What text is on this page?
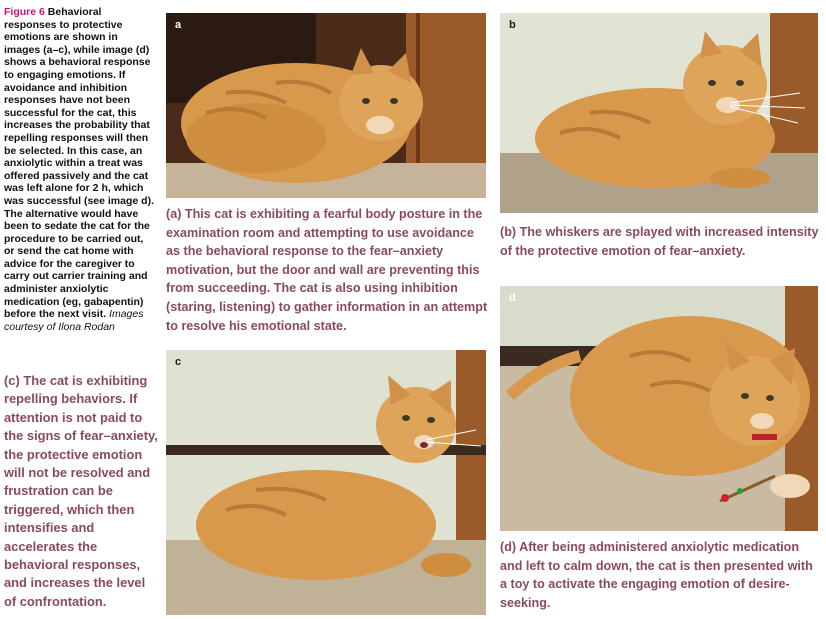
Figure 6 Behavioral responses to protective emotions are shown in images (a–c), while image (d) shows a behavioral response to engaging emotions. If avoidance and inhibition responses have not been successful for the cat, this increases the probability that repelling responses will then be selected. In this case, an anxiolytic within a treat was offered passively and the cat was left alone for 2 h, which was successful (see image d). The alternative would have been to sedate the cat for the procedure to be carried out, or send the cat home with advice for the caregiver to carry out carrier training and administer anxiolytic medication (eg, gabapentin) before the next visit. Images courtesy of Ilona Rodan
a	b
c
d
(a) This cat is exhibiting a fearful body posture in the examination room and attempting to use avoidance as the behavioral response to the fear–anxiety motivation, but the door and wall are preventing this from succeeding. The cat is also using inhibition (staring, listening) to gather information in an attempt to resolve his emotional state.
(b) The whiskers are splayed with increased intensity of the protective emotion of fear–anxiety.
(c) The cat is exhibiting repelling behaviors. If attention is not paid to the signs of fear–anxiety, the protective emotion will not be resolved and frustration can be triggered, which then intensifies and accelerates the behavioral responses, and increases the level of confrontation.
(d) After being administered anxiolytic medication and left to calm down, the cat is then presented with a toy to activate the engaging emotion of desire-seeking.
